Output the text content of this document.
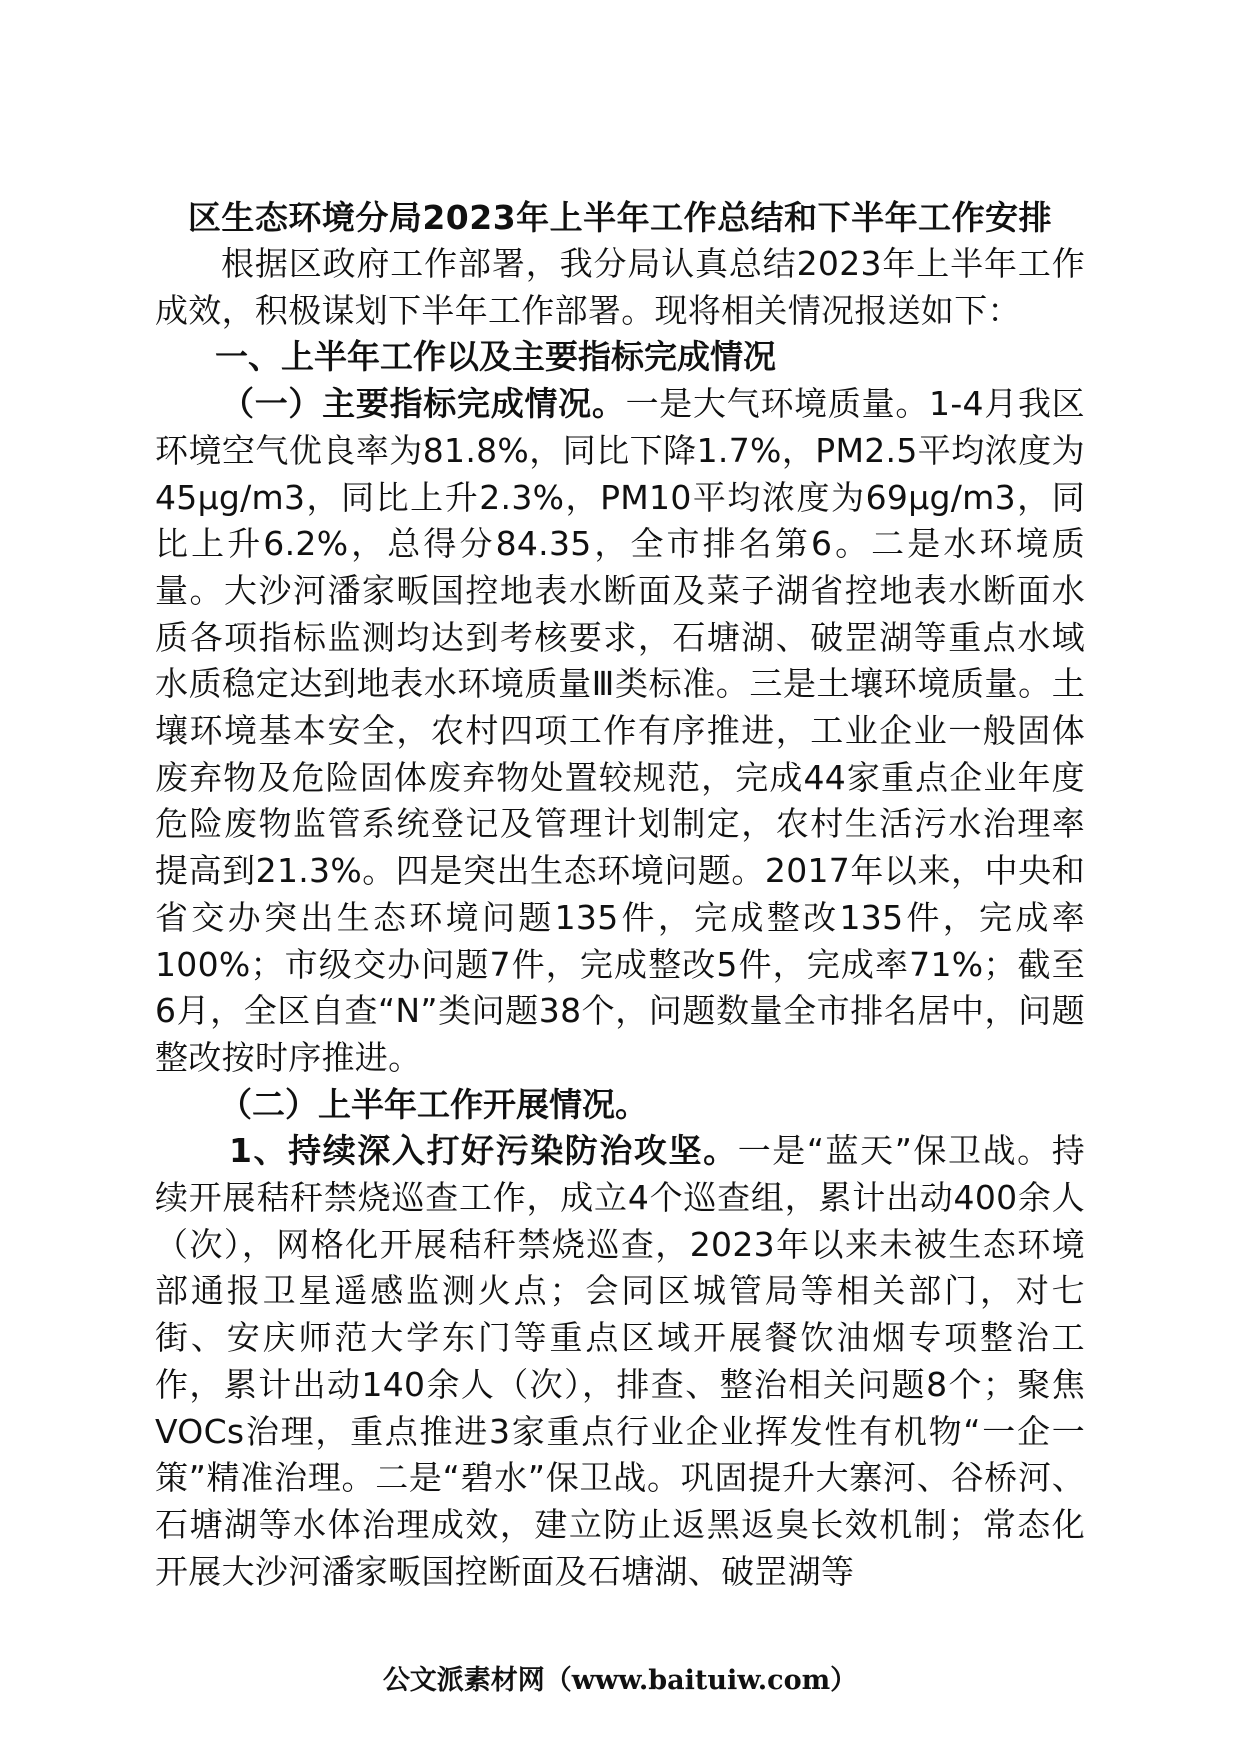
区生态环境分局2023年上半年工作总结和下半年工作安排

根据区政府工作部署，我分局认真总结2023年上半年工作成效，积极谋划下半年工作部署。现将相关情况报送如下：

一、上半年工作以及主要指标完成情况

（一）主要指标完成情况。一是大气环境质量。1-4月我区环境空气优良率为81.8%，同比下降1.7%，PM2.5平均浓度为45μg/m3，同比上升2.3%，PM10平均浓度为69μg/m3，同比上升6.2%，总得分84.35，全市排名第6。二是水环境质量。大沙河潘家畈国控地表水断面及菜子湖省控地表水断面水质各项指标监测均达到考核要求，石塘湖、破罡湖等重点水域水质稳定达到地表水环境质量Ⅲ类标准。三是土壤环境质量。土壤环境基本安全，农村四项工作有序推进，工业企业一般固体废弃物及危险固体废弃物处置较规范，完成44家重点企业年度危险废物监管系统登记及管理计划制定，农村生活污水治理率提高到21.3%。四是突出生态环境问题。2017年以来，中央和省交办突出生态环境问题135件，完成整改135件，完成率100%；市级交办问题7件，完成整改5件，完成率71%；截至6月，全区自查“N”类问题38个，问题数量全市排名居中，问题整改按时序推进。

（二）上半年工作开展情况。

1、持续深入打好污染防治攻坚。一是“蓝天”保卫战。持续开展秸秆禁烧巡查工作，成立4个巡查组，累计出动400余人（次），网格化开展秸秆禁烧巡查，2023年以来未被生态环境部通报卫星遥感监测火点；会同区城管局等相关部门，对七街、安庆师范大学东门等重点区域开展餐饮油烟专项整治工作，累计出动140余人（次），排查、整治相关问题8个；聚焦VOCs治理，重点推进3家重点行业企业挥发性有机物“一企一策”精准治理。二是“碧水”保卫战。巩固提升大寨河、谷桥河、石塘湖等水体治理成效，建立防止返黑返臭长效机制；常态化开展大沙河潘家畈国控断面及石塘湖、破罡湖等

公文派素材网（www.baituiw.com）
